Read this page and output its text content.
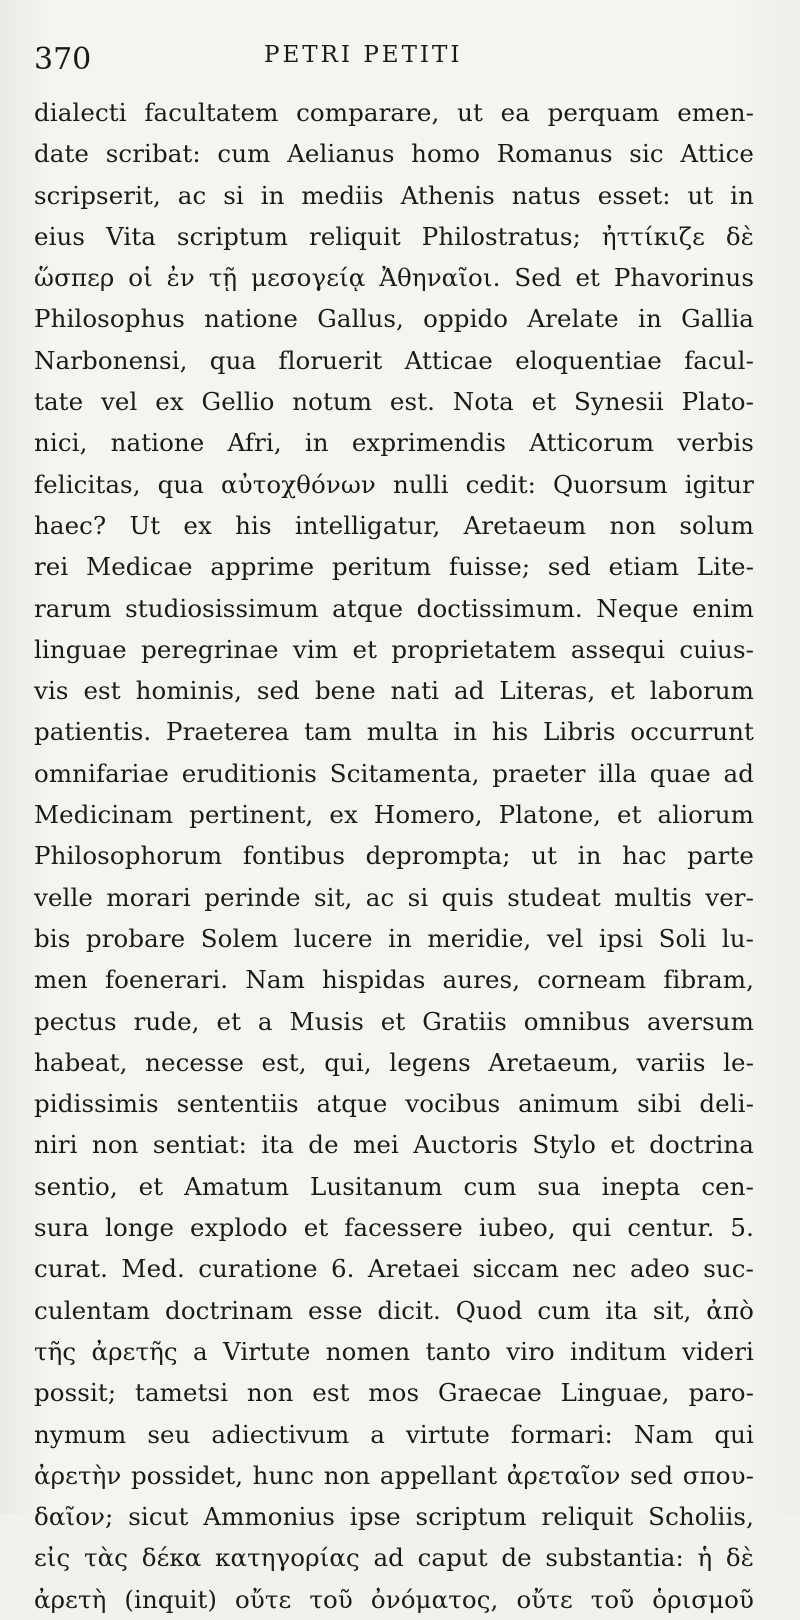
370	PETRI PETITI
dialecti facultatem comparare, ut ea perquam emen-
date scribat: cum Aelianus homo Romanus sic Attice
scripserit, ac si in mediis Athenis natus esset: ut in
eius Vita scriptum reliquit Philostratus; ἠττίκιζε δὲ
ὥσπερ οἱ ἐν τῇ μεσογείᾳ Ἀθηναῖοι. Sed et Phavorinus
Philosophus natione Gallus, oppido Arelate in Gallia
Narbonensi, qua floruerit Atticae eloquentiae facul-
tate vel ex Gellio notum est. Nota et Synesii Plato-
nici, natione Afri, in exprimendis Atticorum verbis
felicitas, qua αὐτοχθόνων nulli cedit: Quorsum igitur
haec? Ut ex his intelligatur, Aretaeum non solum
rei Medicae apprime peritum fuisse; sed etiam Lite-
rarum studiosissimum atque doctissimum. Neque enim
linguae peregrinae vim et proprietatem assequi cuius-
vis est hominis, sed bene nati ad Literas, et laborum
patientis. Praeterea tam multa in his Libris occurrunt
omnifariae eruditionis Scitamenta, praeter illa quae ad
Medicinam pertinent, ex Homero, Platone, et aliorum
Philosophorum fontibus deprompta; ut in hac parte
velle morari perinde sit, ac si quis studeat multis ver-
bis probare Solem lucere in meridie, vel ipsi Soli lu-
men foenerari. Nam hispidas aures, corneam fibram,
pectus rude, et a Musis et Gratiis omnibus aversum
habeat, necesse est, qui, legens Aretaeum, variis le-
pidissimis sententiis atque vocibus animum sibi deli-
niri non sentiat: ita de mei Auctoris Stylo et doctrina
sentio, et Amatum Lusitanum cum sua inepta cen-
sura longe explodo et facessere iubeo, qui centur. 5.
curat. Med. curatione 6. Aretaei siccam nec adeo suc-
culentam doctrinam esse dicit. Quod cum ita sit, ἀπὸ
τῆς ἀρετῆς a Virtute nomen tanto viro inditum videri
possit; tametsi non est mos Graecae Linguae, paro-
nymum seu adiectivum a virtute formari: Nam qui
ἀρετὴν possidet, hunc non appellant ἀρεταῖον sed σπου-
δαῖον; sicut Ammonius ipse scriptum reliquit Scholiis,
εἰς τὰς δέκα κατηγορίας ad caput de substantia: ἡ δὲ
ἀρετὴ (inquit) οὔτε τοῦ ὀνόματος, οὔτε τοῦ ὁρισμοῦ
